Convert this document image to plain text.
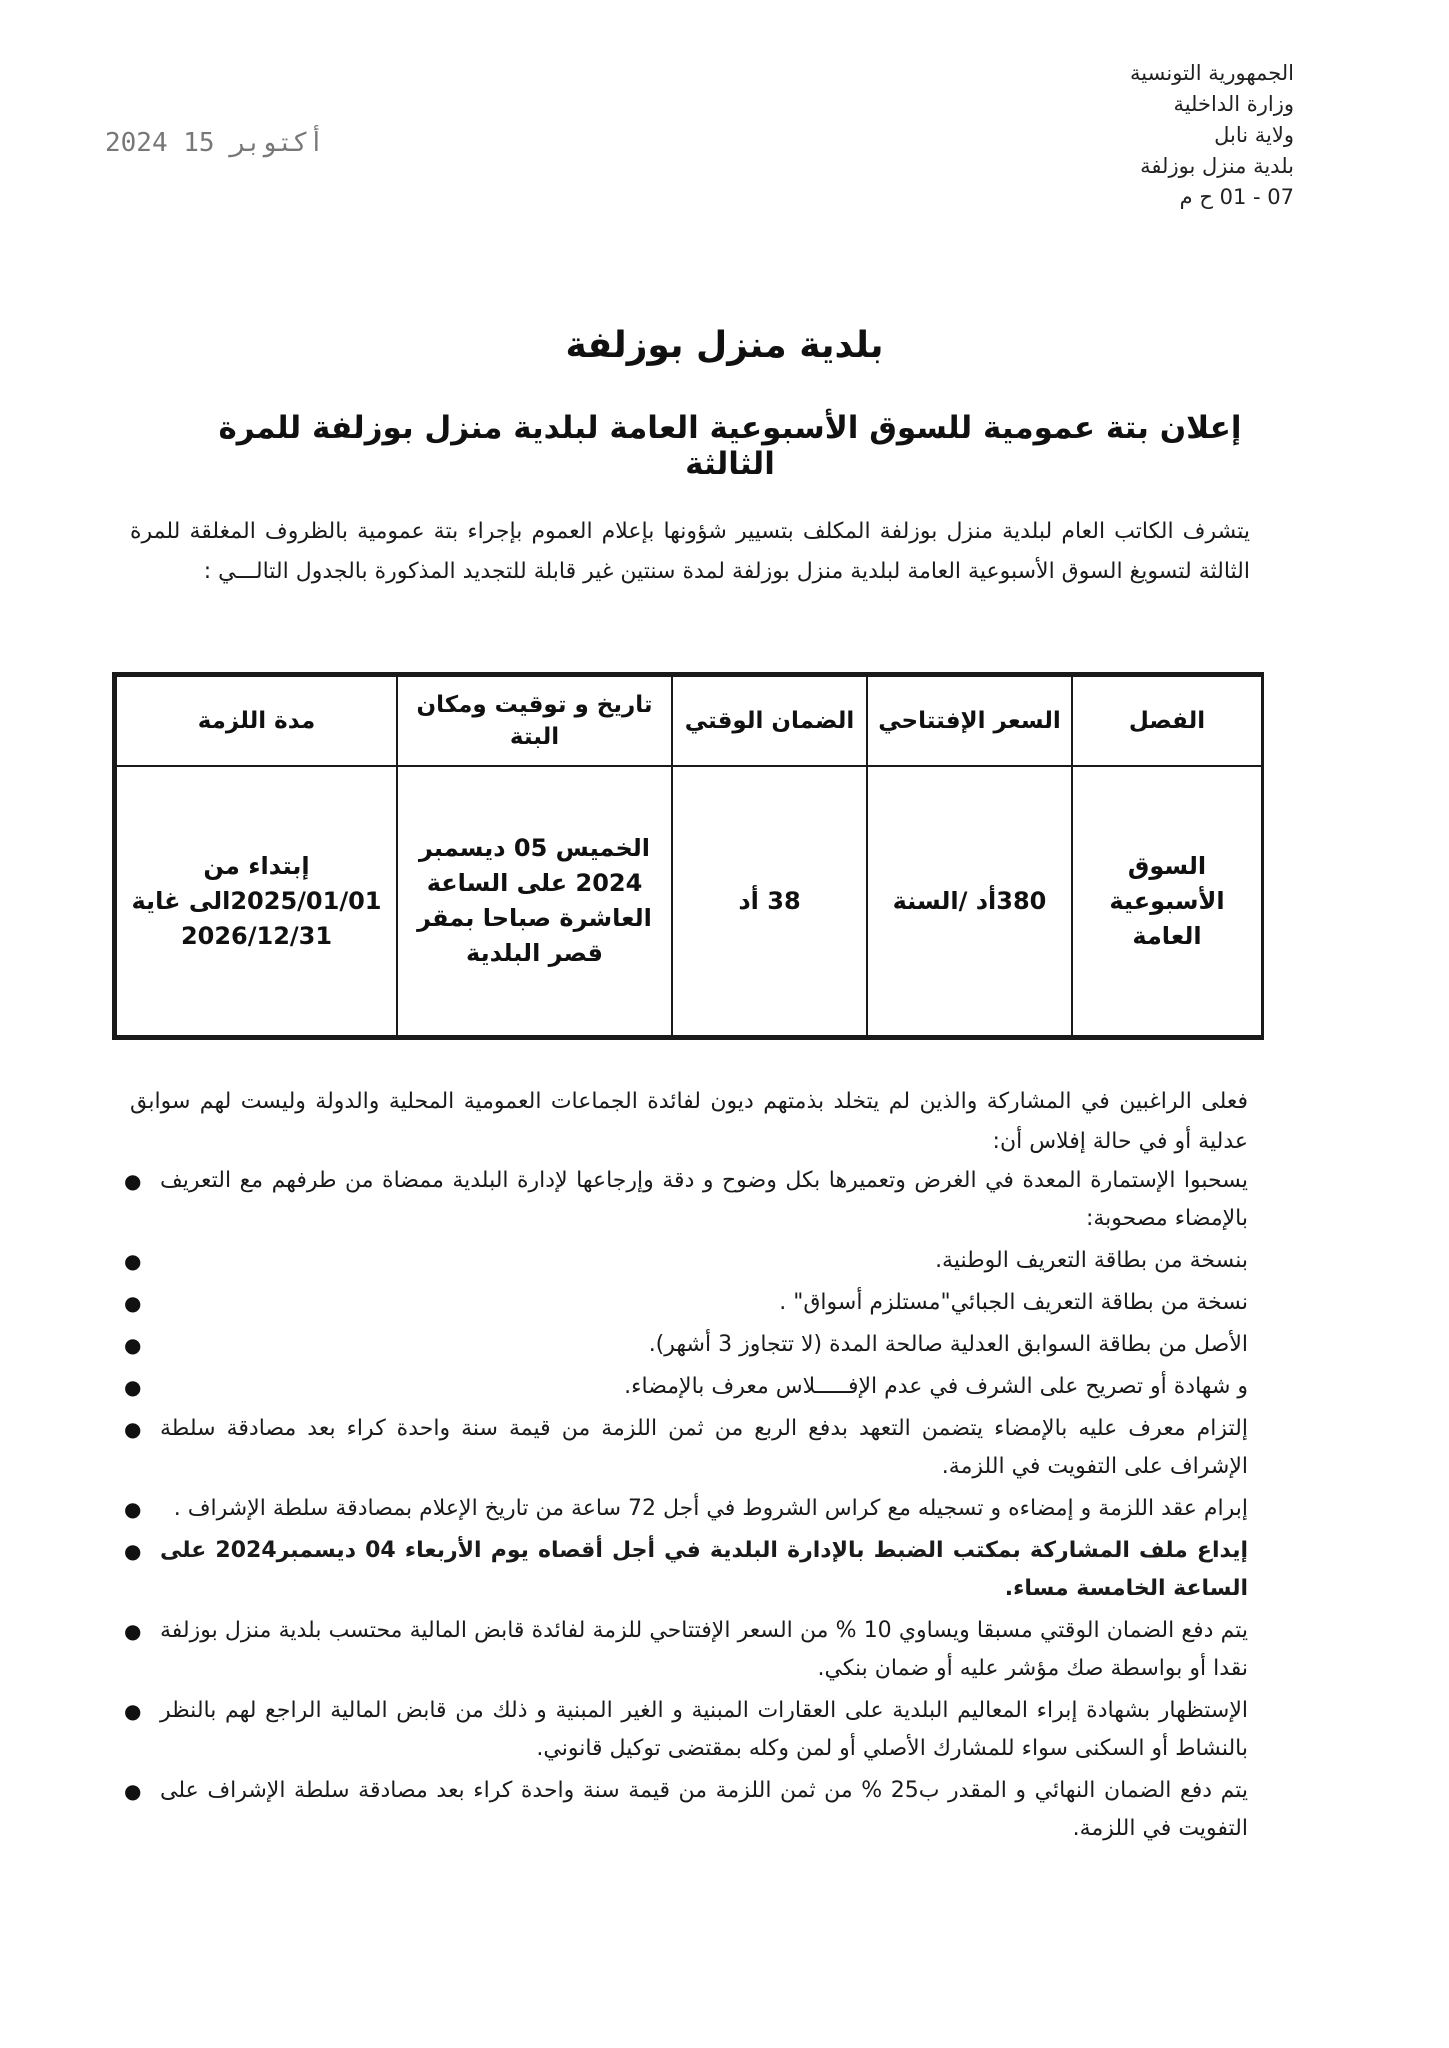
الجمهورية التونسية
وزارة الداخلية
ولاية نابل
بلدية منزل بوزلفة
07 - 01 ح م
2024 أكتوبر 15
بلدية منزل بوزلفة
إعلان بتة عمومية للسوق الأسبوعية العامة لبلدية منزل بوزلفة للمرة الثالثة
يتشرف الكاتب العام لبلدية منزل بوزلفة المكلف بتسيير شؤونها بإعلام العموم بإجراء بتة عمومية بالظروف المغلقة للمرة الثالثة لتسويغ السوق الأسبوعية العامة لبلدية منزل بوزلفة لمدة سنتين غير قابلة للتجديد المذكورة بالجدول التالـــي :
الفصل	السعر الإفتتاحي	الضمان الوقتي	تاريخ و توقيت ومكان البتة	مدة اللزمة
السوق الأسبوعية العامة	380أد /السنة	38 أد	الخميس 05 ديسمبر 2024 على الساعة العاشرة صباحا بمقر قصر البلدية	إبتداء من 2025/01/01الى غاية 2026/12/31
فعلى الراغبين في المشاركة والذين لم يتخلد بذمتهم ديون لفائدة الجماعات العمومية المحلية والدولة وليست لهم سوابق عدلية أو في حالة إفلاس أن:
● يسحبوا الإستمارة المعدة في الغرض وتعميرها بكل وضوح و دقة وإرجاعها لإدارة البلدية ممضاة من طرفهم مع التعريف بالإمضاء مصحوبة:
●	بنسخة من بطاقة التعريف الوطنية.
●	نسخة من بطاقة التعريف الجبائي"مستلزم أسواق" .
●	الأصل من بطاقة السوابق العدلية صالحة المدة (لا تتجاوز 3 أشهر).
●	و شهادة أو تصريح على الشرف في عدم الإفـــــلاس معرف بالإمضاء.
● إلتزام معرف عليه بالإمضاء يتضمن التعهد بدفع الربع من ثمن اللزمة من قيمة سنة واحدة كراء بعد مصادقة سلطة الإشراف على التفويت في اللزمة.
● إبرام عقد اللزمة و إمضاءه و تسجيله مع كراس الشروط في أجل 72 ساعة من تاريخ الإعلام بمصادقة سلطة الإشراف .
● إيداع ملف المشاركة بمكتب الضبط بالإدارة البلدية في أجل أقصاه يوم الأربعاء 04 ديسمبر2024 على الساعة الخامسة مساء.
● يتم دفع الضمان الوقتي مسبقا ويساوي 10 % من السعر الإفتتاحي للزمة لفائدة قابض المالية محتسب بلدية منزل بوزلفة نقدا أو بواسطة صك مؤشر عليه أو ضمان بنكي.
● الإستظهار بشهادة إبراء المعاليم البلدية على العقارات المبنية و الغير المبنية و ذلك من قابض المالية الراجع لهم بالنظر بالنشاط أو السكنى سواء للمشارك الأصلي أو لمن وكله بمقتضى توكيل قانوني.
● يتم دفع الضمان النهائي و المقدر ب25 % من ثمن اللزمة من قيمة سنة واحدة كراء بعد مصادقة سلطة الإشراف على التفويت في اللزمة.
